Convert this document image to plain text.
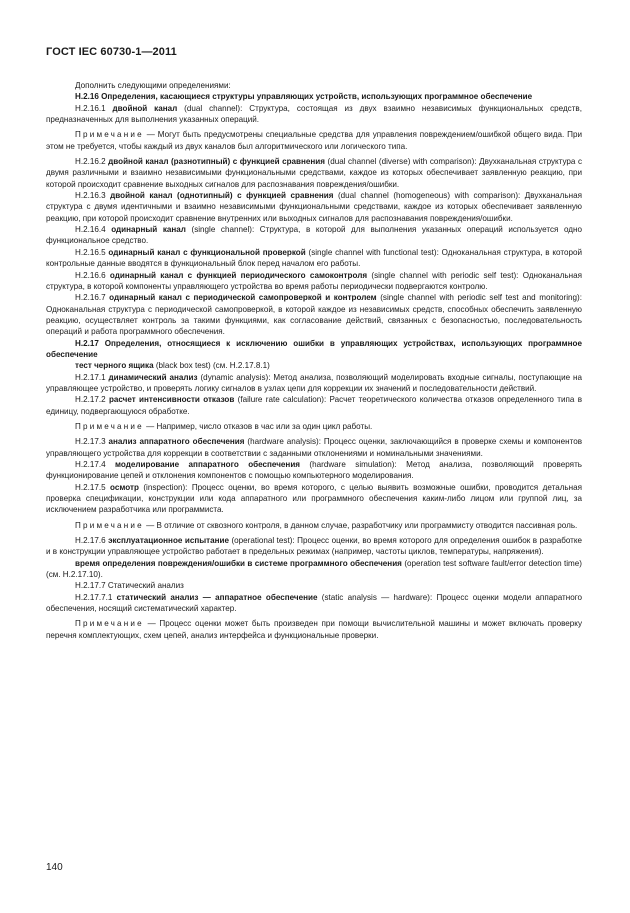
ГОСТ IEC 60730-1—2011

Дополнить следующими определениями:

Н.2.16 Определения, касающиеся структуры управляющих устройств, использующих программное обеспечение

Н.2.16.1 двойной канал (dual channel): Структура, состоящая из двух взаимно независимых функциональных средств, предназначенных для выполнения указанных операций.

Примечание — Могут быть предусмотрены специальные средства для управления повреждением/ошибкой общего вида. При этом не требуется, чтобы каждый из двух каналов был алгоритмического или логического типа.

Н.2.16.2 двойной канал (разнотипный) с функцией сравнения (dual channel (diverse) with comparison): Двухканальная структура с двумя различными и взаимно независимыми функциональными средствами, каждое из которых обеспечивает заявленную реакцию, при которой происходит сравнение выходных сигналов для распознавания повреждения/ошибки.

Н.2.16.3 двойной канал (однотипный) с функцией сравнения (dual channel (homogeneous) with comparison): Двухканальная структура с двумя идентичными и взаимно независимыми функциональными средствами, каждое из которых обеспечивает заявленную реакцию, при которой происходит сравнение внутренних или выходных сигналов для распознавания повреждения/ошибки.

Н.2.16.4 одинарный канал (single channel): Структура, в которой для выполнения указанных операций используется одно функциональное средство.

Н.2.16.5 одинарный канал с функциональной проверкой (single channel with functional test): Одноканальная структура, в которой контрольные данные вводятся в функциональный блок перед началом его работы.

Н.2.16.6 одинарный канал с функцией периодического самоконтроля (single channel with periodic self test): Одноканальная структура, в которой компоненты управляющего устройства во время работы периодически подвергаются контролю.

Н.2.16.7 одинарный канал с периодической самопроверкой и контролем (single channel with periodic self test and monitoring): Одноканальная структура с периодической самопроверкой, в которой каждое из независимых средств, способных обеспечить заявленную реакцию, осуществляет контроль за такими функциями, как согласование действий, связанных с безопасностью, последовательность операций и работа программного обеспечения.

Н.2.17 Определения, относящиеся к исключению ошибки в управляющих устройствах, использующих программное обеспечение

тест черного ящика (black box test) (см. Н.2.17.8.1)

Н.2.17.1 динамический анализ (dynamic analysis): Метод анализа, позволяющий моделировать входные сигналы, поступающие на управляющее устройство, и проверять логику сигналов в узлах цепи для коррекции их значений и последовательности действий.

Н.2.17.2 расчет интенсивности отказов (failure rate calculation): Расчет теоретического количества отказов определенного типа в единицу, подвергающуюся обработке.

Примечание — Например, число отказов в час или за один цикл работы.

Н.2.17.3 анализ аппаратного обеспечения (hardware analysis): Процесс оценки, заключающийся в проверке схемы и компонентов управляющего устройства для коррекции в соответствии с заданными отклонениями и номинальными значениями.

Н.2.17.4 моделирование аппаратного обеспечения (hardware simulation): Метод анализа, позволяющий проверять функционирование цепей и отклонения компонентов с помощью компьютерного моделирования.

Н.2.17.5 осмотр (inspection): Процесс оценки, во время которого, с целью выявить возможные ошибки, проводится детальная проверка спецификации, конструкции или кода аппаратного или программного обеспечения каким-либо лицом или группой лиц, за исключением разработчика или программиста.

Примечание — В отличие от сквозного контроля, в данном случае, разработчику или программисту отводится пассивная роль.

Н.2.17.6 эксплуатационное испытание (operational test): Процесс оценки, во время которого для определения ошибок в разработке и в конструкции управляющее устройство работает в предельных режимах (например, частоты циклов, температуры, напряжения).

время определения повреждения/ошибки в системе программного обеспечения (operation test software fault/error detection time) (см. Н.2.17.10).

Н.2.17.7 Статический анализ

Н.2.17.7.1 статический анализ — аппаратное обеспечение (static analysis — hardware): Процесс оценки модели аппаратного обеспечения, носящий систематический характер.

Примечание — Процесс оценки может быть произведен при помощи вычислительной машины и может включать проверку перечня комплектующих, схем цепей, анализ интерфейса и функциональные проверки.

140
